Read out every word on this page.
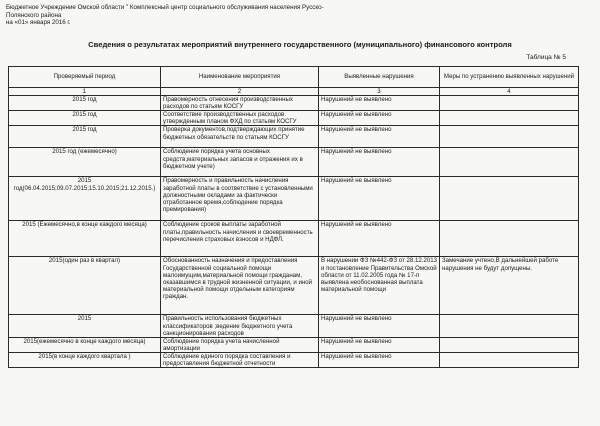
Бюджетное Учреждение Омской области " Комплексный центр социального обслуживания населения Русско-
Полянского района
на «01» января 2016 г.
Сведения о результатах мероприятий внутреннего государственного (муниципального) финансового контроля
Таблица № 5
Проверяемый период	Наименование мероприятия	Выявленные нарушения	Меры по устранению выявленных нарушений
1	2	3	4
2015 год	Правомерность отнесения производственных расходов по статьям КОСГУ	Нарушений не выявлено	
2015 год	Соответствие производственных расходов утвержденным планом ФХД по статьям КОСГУ	Нарушений не выявлено	
2015 год	Проверка документов,подтверждающих принятие бюджетных обязательств по статьям КОСГУ	Нарушений не выявлено	
2015 год (ежемесячно)	Соблюдение порядка учета основных средств,материальных запасов и отражения их в бюджетном учете)	Нарушений не выявлено	
2015 год(06.04.2015;09.07.2015;15.10.2015;21.12.2015.)	Правомерность и правильность начисления заработной платы в соответствие с установленными должностными окладами за фактически отработанное время,соблюдение порядка премирования)	Нарушений не выявлено	
2015 (Ежемесячно,в конце каждого месяца)	Соблюдение сроков выплаты заработной платы,правильность начисления и своевременность перечисления страховых взносов и НДФЛ.	Нарушений не выявлено	
2015(один раз в квартал)	Обоснованность назначения и предоставления Государственной социальной помощи малоимущим,материальной помощи гражданам, оказавшимся в трудной жизненной ситуации, и иной материальной помощи отдельным категориям граждан.	В нарушении ФЗ №442-ФЗ от 28.12.2013 и постановление Правительства Омской области от 11.02.2005 года № 17-п выявлена необоснованная выплата материальной помощи	Замечание учтено,В дальнейшей работе нарушения не будут допущены.
2015	Правильность использования бюджетных классификаторов ;ведение бюджетного учета санкционирования расходов	Нарушений не выявлено	
2015(ежемесячно в конце каждого месяца)	Соблюдение порядка учета начисленной амортизации	Нарушений не выявлено	
2015(в конце каждого квартала )	Соблюдение единого порядка составления и предоставления бюджетной отчетности	Нарушений не выявлено	
